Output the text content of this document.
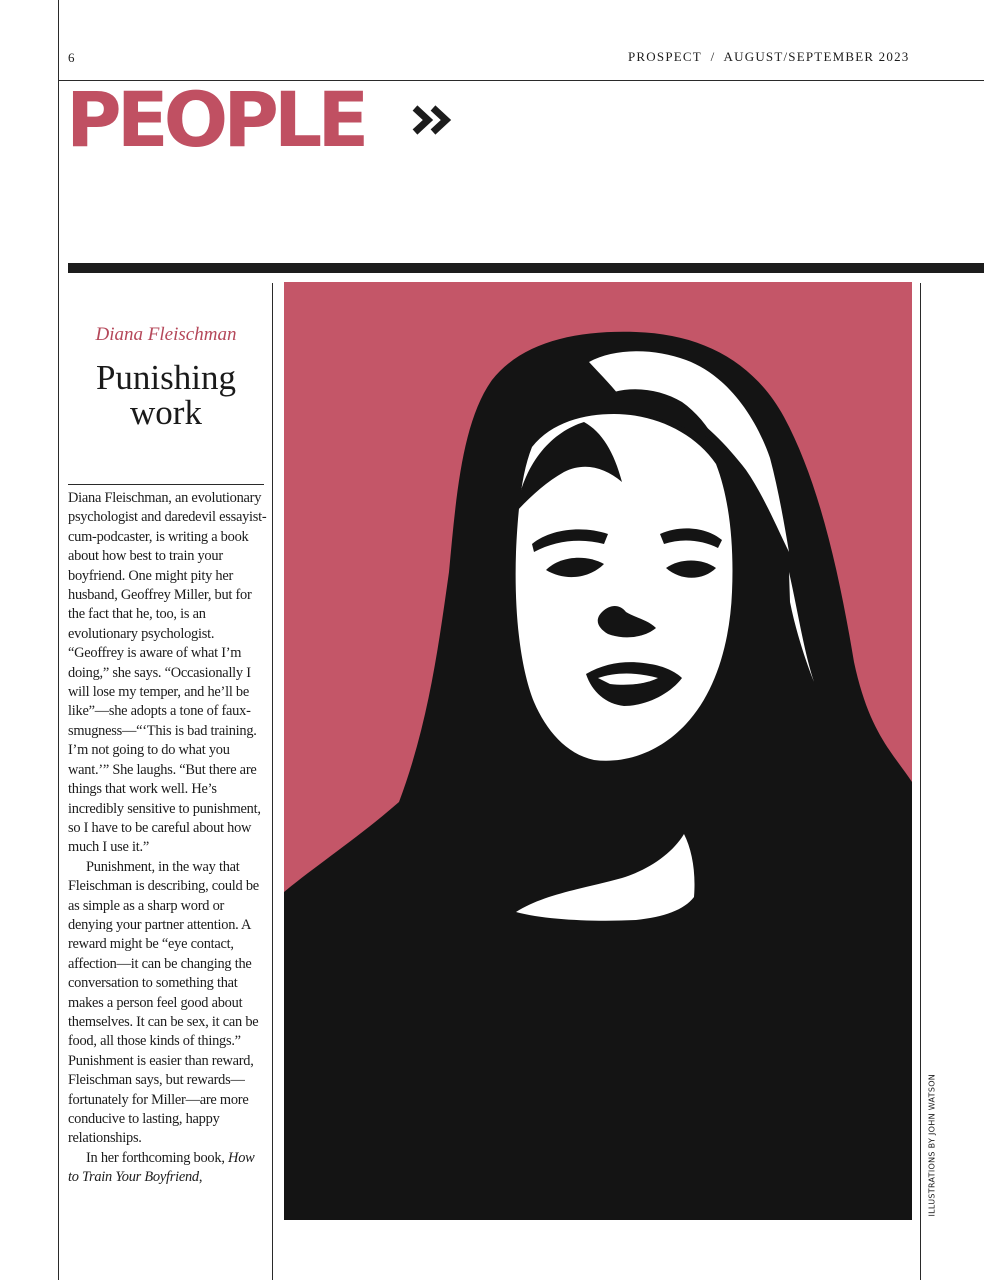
6	PROSPECT  /  AUGUST/SEPTEMBER 2023
PEOPLE
Diana Fleischman
Punishing
work

Diana Fleischman, an evolutionary psychologist and daredevil essayist-cum-podcaster, is writing a book about how best to train your boyfriend. One might pity her husband, Geoffrey Miller, but for the fact that he, too, is an evolutionary psychologist. “Geoffrey is aware of what I’m doing,” she says. “Occasionally I will lose my temper, and he’ll be like”—she adopts a tone of faux-smugness—“‘This is bad training. I’m not going to do what you want.’” She laughs. “But there are things that work well. He’s incredibly sensitive to punishment, so I have to be careful about how much I use it.”

Punishment, in the way that Fleischman is describing, could be as simple as a sharp word or denying your partner attention. A reward might be “eye contact, affection—it can be changing the conversation to something that makes a person feel good about themselves. It can be sex, it can be food, all those kinds of things.” Punishment is easier than reward, Fleischman says, but rewards—fortunately for Miller—are more conducive to lasting, happy relationships.

In her forthcoming book, How to Train Your Boyfriend,	ILLUSTRATIONS BY JOHN WATSON
